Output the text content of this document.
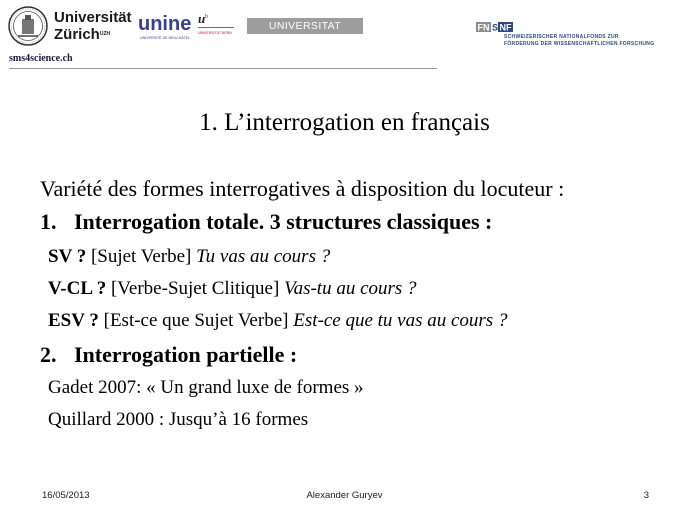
Universität
Zürich$^{UZH}$	unine
UNIVERSITÉ DE NEUCHÂTEL
u b
UNIVERSITÄT BERN
UNIVERSITAT LEIPZIG
sms4science.ch
FN S NF
SCHWEIZERISCHER NATIONALFONDS ZUR
FÖRDERUNG DER WISSENSCHAFTLICHEN FORSCHUNG
1. L’interrogation en français
Variété des formes interrogatives à disposition du locuteur :
1. Interrogation totale. 3 structures classiques :
SV ? [Sujet Verbe] Tu vas au cours ?
V-CL ? [Verbe-Sujet Clitique] Vas-tu au cours ?
ESV ? [Est-ce que Sujet Verbe] Est-ce que tu vas au cours ?
2. Interrogation partielle :
Gadet 2007: « Un grand luxe de formes »
Quillard 2000 : Jusqu’à 16 formes
16/05/2013	Alexander Guryev	3
